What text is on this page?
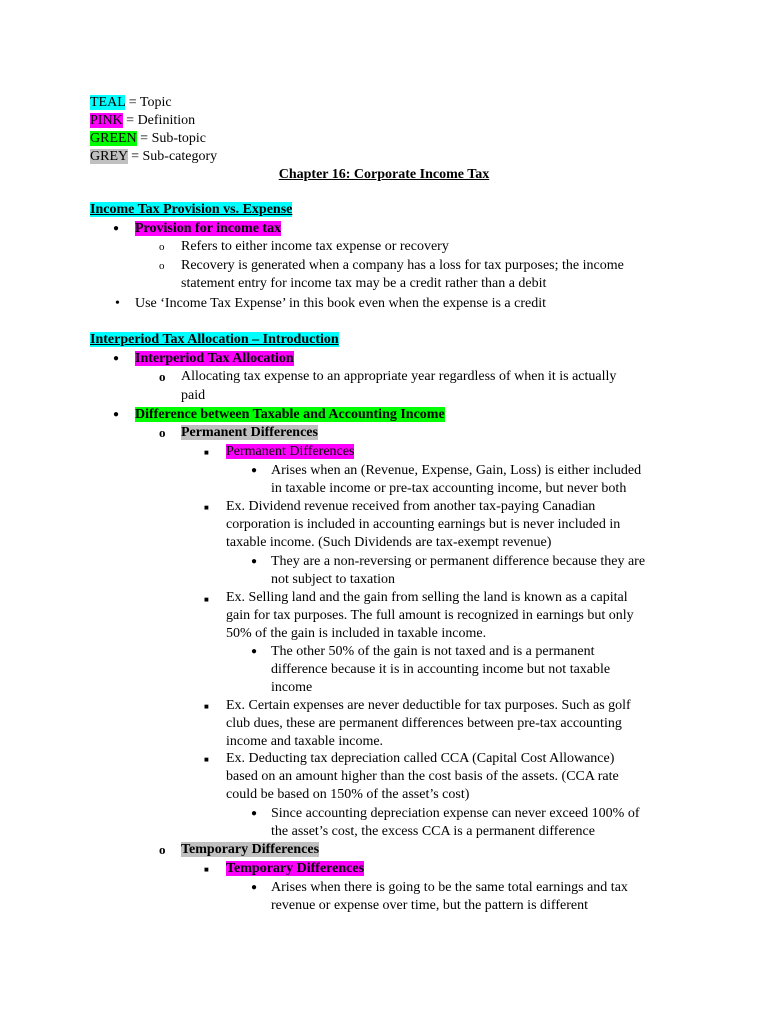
TEAL = Topic
PINK = Definition
GREEN = Sub-topic
GREY = Sub-category
Chapter 16: Corporate Income Tax
Income Tax Provision vs. Expense
● Provision for income tax
o Refers to either income tax expense or recovery
o Recovery is generated when a company has a loss for tax purposes; the income
statement entry for income tax may be a credit rather than a debit
• Use ‘Income Tax Expense’ in this book even when the expense is a credit
Interperiod Tax Allocation – Introduction
● Interperiod Tax Allocation
o Allocating tax expense to an appropriate year regardless of when it is actually
paid
● Difference between Taxable and Accounting Income
o Permanent Differences
■ Permanent Differences
● Arises when an (Revenue, Expense, Gain, Loss) is either included
in taxable income or pre-tax accounting income, but never both
■ Ex. Dividend revenue received from another tax-paying Canadian
corporation is included in accounting earnings but is never included in
taxable income. (Such Dividends are tax-exempt revenue)
● They are a non-reversing or permanent difference because they are
not subject to taxation
■ Ex. Selling land and the gain from selling the land is known as a capital
gain for tax purposes. The full amount is recognized in earnings but only
50% of the gain is included in taxable income.
● The other 50% of the gain is not taxed and is a permanent
difference because it is in accounting income but not taxable
income
■ Ex. Certain expenses are never deductible for tax purposes. Such as golf
club dues, these are permanent differences between pre-tax accounting
income and taxable income.
■ Ex. Deducting tax depreciation called CCA (Capital Cost Allowance)
based on an amount higher than the cost basis of the assets. (CCA rate
could be based on 150% of the asset’s cost)
● Since accounting depreciation expense can never exceed 100% of
the asset’s cost, the excess CCA is a permanent difference
o Temporary Differences
■ Temporary Differences
● Arises when there is going to be the same total earnings and tax
revenue or expense over time, but the pattern is different
